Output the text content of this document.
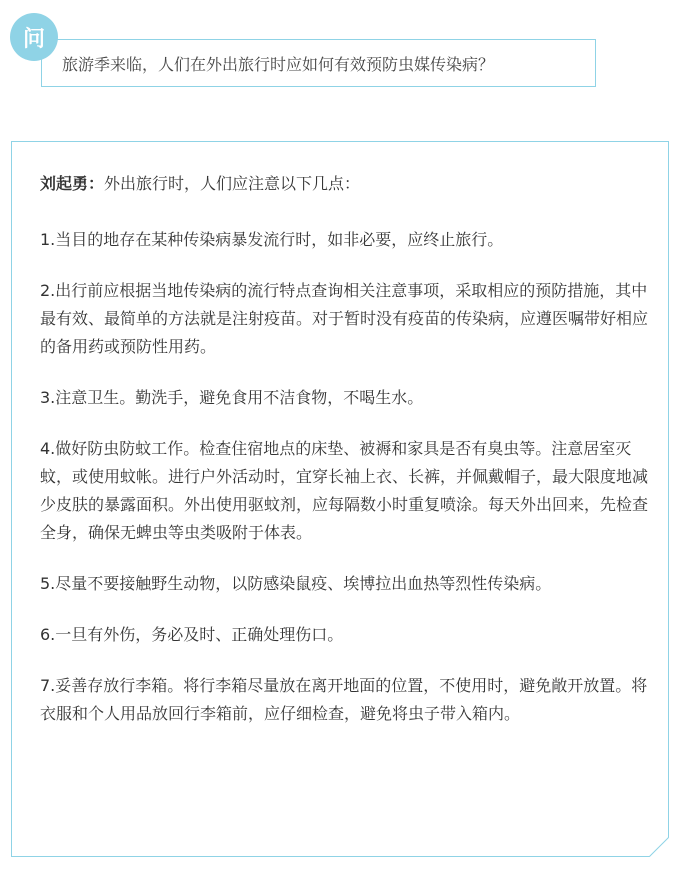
问
旅游季来临，人们在外出旅行时应如何有效预防虫媒传染病？

刘起勇：外出旅行时，人们应注意以下几点：

1.当目的地存在某种传染病暴发流行时，如非必要，应终止旅行。

2.出行前应根据当地传染病的流行特点查询相关注意事项，采取相应的预防措施，其中最有效、最简单的方法就是注射疫苗。对于暂时没有疫苗的传染病，应遵医嘱带好相应的备用药或预防性用药。

3.注意卫生。勤洗手，避免食用不洁食物，不喝生水。

4.做好防虫防蚊工作。检查住宿地点的床垫、被褥和家具是否有臭虫等。注意居室灭蚊，或使用蚊帐。进行户外活动时，宜穿长袖上衣、长裤，并佩戴帽子，最大限度地减少皮肤的暴露面积。外出使用驱蚊剂，应每隔数小时重复喷涂。每天外出回来，先检查全身，确保无蜱虫等虫类吸附于体表。

5.尽量不要接触野生动物，以防感染鼠疫、埃博拉出血热等烈性传染病。

6.一旦有外伤，务必及时、正确处理伤口。

7.妥善存放行李箱。将行李箱尽量放在离开地面的位置，不使用时，避免敞开放置。将衣服和个人用品放回行李箱前，应仔细检查，避免将虫子带入箱内。
